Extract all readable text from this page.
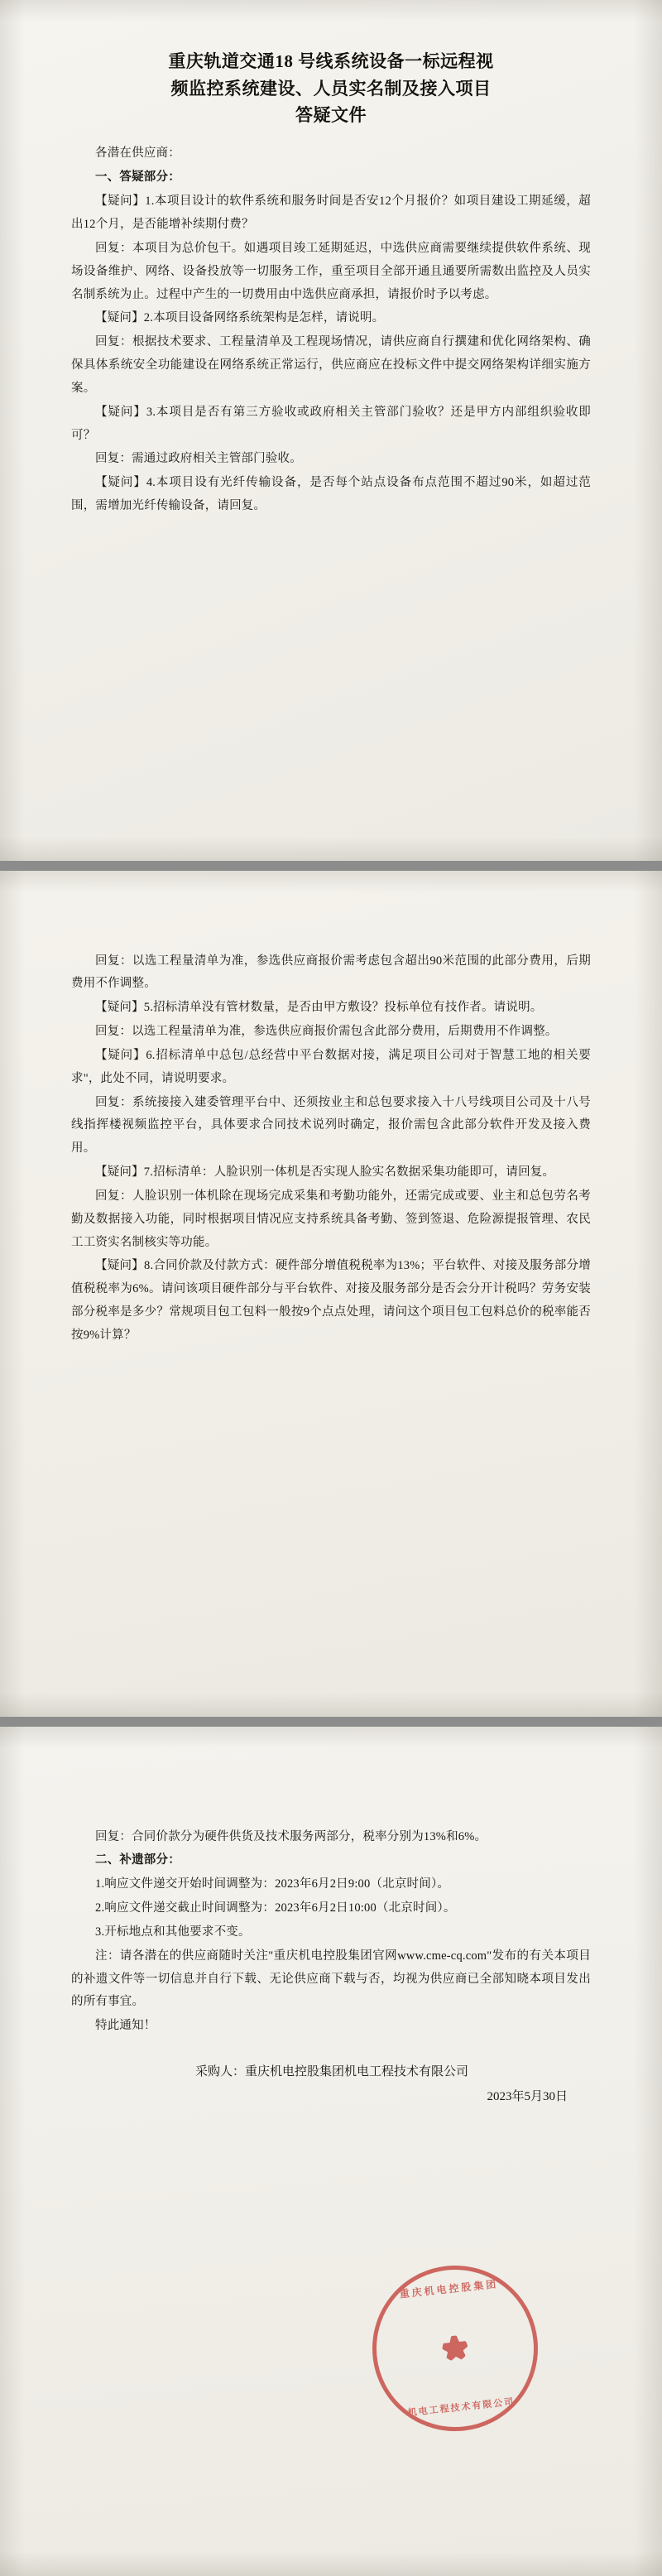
重庆轨道交通18 号线系统设备一标远程视
频监控系统建设、人员实名制及接入项目
答疑文件

各潜在供应商：

一、答疑部分：

【疑问】1.本项目设计的软件系统和服务时间是否安12个月报价？如项目建设工期延缓，超出12个月，是否能增补续期付费？

回复：本项目为总价包干。如遇项目竣工延期延迟，中选供应商需要继续提供软件系统、现场设备维护、网络、设备投放等一切服务工作，重至项目全部开通且通要所需数出监控及人员实名制系统为止。过程中产生的一切费用由中选供应商承担，请报价时予以考虑。

【疑问】2.本项目设备网络系统架构是怎样，请说明。

回复：根据技术要求、工程量清单及工程现场情况，请供应商自行撰建和优化网络架构、确保具体系统安全功能建设在网络系统正常运行，供应商应在投标文件中提交网络架构详细实施方案。

【疑问】3.本项目是否有第三方验收或政府相关主管部门验收？还是甲方内部组织验收即可？

回复：需通过政府相关主管部门验收。

【疑问】4.本项目设有光纤传输设备，是否每个站点设备布点范围不超过90米，如超过范围，需增加光纤传输设备，请回复。

回复：以选工程量清单为准，参选供应商报价需考虑包含超出90米范围的此部分费用，后期费用不作调整。

【疑问】5.招标清单没有管材数量，是否由甲方敷设？投标单位有技作者。请说明。

回复：以选工程量清单为准，参选供应商报价需包含此部分费用，后期费用不作调整。

【疑问】6.招标清单中总包/总经营中平台数据对接，满足项目公司对于智慧工地的相关要求"，此处不同，请说明要求。

回复：系统接接入建委管理平台中、还须按业主和总包要求接入十八号线项目公司及十八号线指挥楼视频监控平台，具体要求合同技术说列时确定，报价需包含此部分软件开发及接入费用。

【疑问】7.招标清单：人脸识别一体机是否实现人脸实名数据采集功能即可，请回复。

回复：人脸识别一体机除在现场完成采集和考勤功能外，还需完成或要、业主和总包劳名考勤及数据接入功能，同时根据项目情况应支持系统具备考勤、签到签退、危险源提报管理、农民工工资实名制核实等功能。

【疑问】8.合同价款及付款方式：硬件部分增值税税率为13%；平台软件、对接及服务部分增值税税率为6%。请问该项目硬件部分与平台软件、对接及服务部分是否会分开计税吗？劳务安装部分税率是多少？常规项目包工包料一般按9个点点处理，请问这个项目包工包料总价的税率能否按9%计算？

回复：合同价款分为硬件供货及技术服务两部分，税率分别为13%和6%。

二、补遗部分：

1.响应文件递交开始时间调整为：2023年6月2日9:00（北京时间）。

2.响应文件递交截止时间调整为：2023年6月2日10:00（北京时间）。

3.开标地点和其他要求不变。

注：请各潜在的供应商随时关注"重庆机电控股集团官网www.cme-cq.com"发布的有关本项目的补遗文件等一切信息并自行下载、无论供应商下载与否，均视为供应商已全部知晓本项目发出的所有事宜。

特此通知！

采购人：重庆机电控股集团机电工程技术有限公司
2023年5月30日
重庆机电控股集团
机电工程技术有限公司
